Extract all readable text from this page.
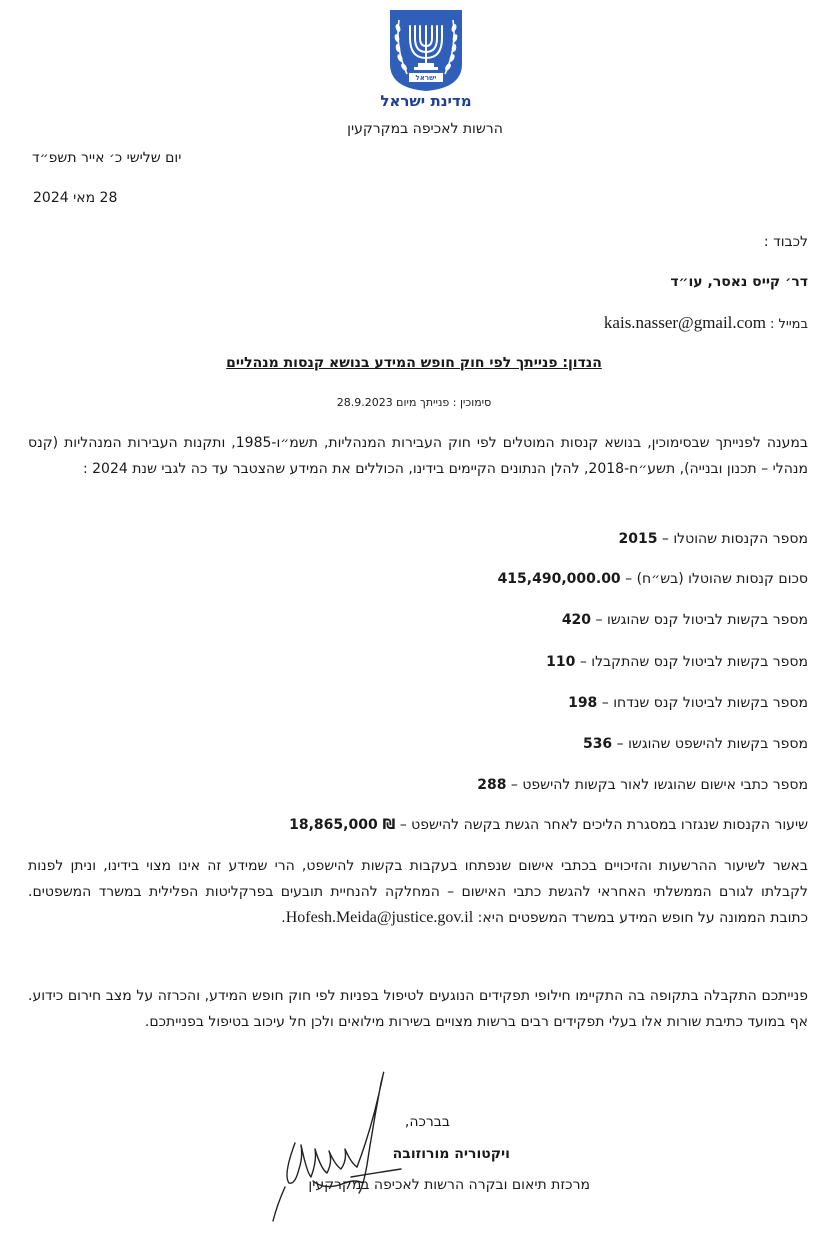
ישראל
מדינת ישראל
הרשות לאכיפה במקרקעין
יום שלישי כ׳ אייר תשפ״ד
28 מאי 2024
לכבוד :
דר׳ קייס נאסר, עו״ד
במייל :
kais.nasser@gmail.com
הנדון: פנייתך לפי חוק חופש המידע בנושא קנסות מנהליים
סימוכין : פנייתך מיום 28.9.2023
במענה לפנייתך שבסימוכין, בנושא קנסות המוטלים לפי חוק העבירות המנהליות, תשמ״ו-1985, ותקנות העבירות המנהליות (קנס מנהלי – תכנון ובנייה), תשע״ח-2018, להלן הנתונים הקיימים בידינו, הכוללים את המידע שהצטבר עד כה לגבי שנת 2024 :
מספר הקנסות שהוטלו – 2015
סכום קנסות שהוטלו (בש״ח) – 415,490,000.00
מספר בקשות לביטול קנס שהוגשו – 420
מספר בקשות לביטול קנס שהתקבלו – 110
מספר בקשות לביטול קנס שנדחו – 198
מספר בקשות להישפט שהוגשו – 536
מספר כתבי אישום שהוגשו לאור בקשות להישפט – 288
שיעור הקנסות שנגזרו במסגרת הליכים לאחר הגשת בקשה להישפט – 18,865,000 ₪
באשר לשיעור ההרשעות והזיכויים בכתבי אישום שנפתחו בעקבות בקשות להישפט, הרי שמידע זה אינו מצוי בידינו, וניתן לפנות לקבלתו לגורם הממשלתי האחראי להגשת כתבי האישום – המחלקה להנחיית תובעים בפרקליטות הפלילית במשרד המשפטים. כתובת הממונה על חופש המידע במשרד המשפטים היא: Hofesh.Meida@justice.gov.il.
פנייתכם התקבלה בתקופה בה התקיימו חילופי תפקידים הנוגעים לטיפול בפניות לפי חוק חופש המידע, והכרזה על מצב חירום כידוע. אף במועד כתיבת שורות אלו בעלי תפקידים רבים ברשות מצויים בשירות מילואים ולכן חל עיכוב בטיפול בפנייתכם.
בברכה,
ויקטוריה מורוזובה
מרכזת תיאום ובקרה הרשות לאכיפה במקרקעין
